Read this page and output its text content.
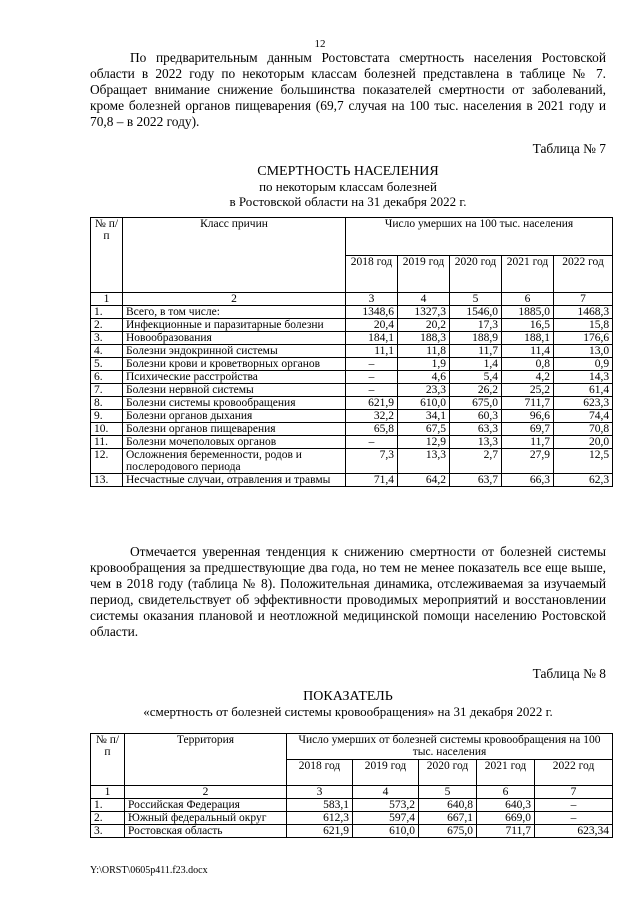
12

По предварительным данным Ростовстата смертность населения Ростовской области в 2022 году по некоторым классам болезней представлена в таблице № 7. Обращает внимание снижение большинства показателей смертности от заболеваний, кроме болезней органов пищеварения (69,7 случая на 100 тыс. населения в 2021 году и 70,8 – в 2022 году).

Таблица № 7
СМЕРТНОСТЬ НАСЕЛЕНИЯ
по некоторым классам болезней
в Ростовской области на 31 декабря 2022 г.
№ п/п	Класс причин	Число умерших на 100 тыс. населения				
		2018 год	2019 год	2020 год	2021 год	2022 год
1	2	3	4	5	6	7
1.	Всего, в том числе:	1348,6	1327,3	1546,0	1885,0	1468,3
2.	Инфекционные и паразитарные болезни	20,4	20,2	17,3	16,5	15,8
3.	Новообразования	184,1	188,3	188,9	188,1	176,6
4.	Болезни эндокринной системы	11,1	11,8	11,7	11,4	13,0
5.	Болезни крови и кроветворных органов	–	1,9	1,4	0,8	0,9
6.	Психические расстройства	–	4,6	5,4	4,2	14,3
7.	Болезни нервной системы	–	23,3	26,2	25,2	61,4
8.	Болезни системы кровообращения	621,9	610,0	675,0	711,7	623,3
9.	Болезни органов дыхания	32,2	34,1	60,3	96,6	74,4
10.	Болезни органов пищеварения	65,8	67,5	63,3	69,7	70,8
11.	Болезни мочеполовых органов	–	12,9	13,3	11,7	20,0
12.	Осложнения беременности, родов и послеродового периода	7,3	13,3	2,7	27,9	12,5
13.	Несчастные случаи, отравления и травмы	71,4	64,2	63,7	66,3	62,3

Отмечается уверенная тенденция к снижению смертности от болезней системы кровообращения за предшествующие два года, но тем не менее показатель все еще выше, чем в 2018 году (таблица № 8). Положительная динамика, отслеживаемая за изучаемый период, свидетельствует об эффективности проводимых мероприятий и восстановлении системы оказания плановой и неотложной медицинской помощи населению Ростовской области.

Таблица № 8
ПОКАЗАТЕЛЬ
«смертность от болезней системы кровообращения» на 31 декабря 2022 г.
№ п/п	Территория	Число умерших от болезней системы кровообращения на 100 тыс. населения				
		2018 год	2019 год	2020 год	2021 год	2022 год
1	2	3	4	5	6	7
1.	Российская Федерация	583,1	573,2	640,8	640,3	–
2.	Южный федеральный округ	612,3	597,4	667,1	669,0	–
3.	Ростовская область	621,9	610,0	675,0	711,7	623,34
Y:\ORST\0605p411.f23.docx
